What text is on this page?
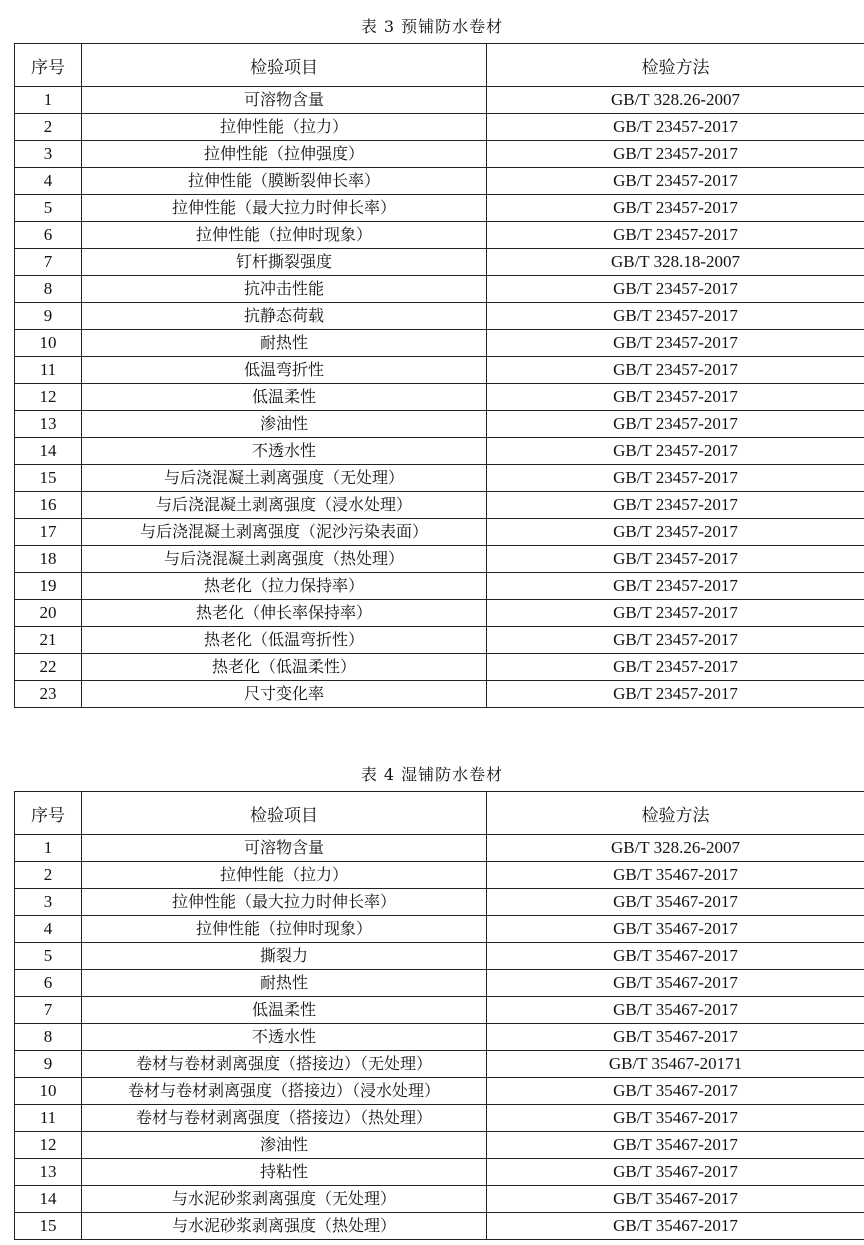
表 3 预铺防水卷材
序号	检验项目	检验方法
1	可溶物含量	GB/T 328.26-2007
2	拉伸性能（拉力）	GB/T 23457-2017
3	拉伸性能（拉伸强度）	GB/T 23457-2017
4	拉伸性能（膜断裂伸长率）	GB/T 23457-2017
5	拉伸性能（最大拉力时伸长率）	GB/T 23457-2017
6	拉伸性能（拉伸时现象）	GB/T 23457-2017
7	钉杆撕裂强度	GB/T 328.18-2007
8	抗冲击性能	GB/T 23457-2017
9	抗静态荷载	GB/T 23457-2017
10	耐热性	GB/T 23457-2017
11	低温弯折性	GB/T 23457-2017
12	低温柔性	GB/T 23457-2017
13	渗油性	GB/T 23457-2017
14	不透水性	GB/T 23457-2017
15	与后浇混凝土剥离强度（无处理）	GB/T 23457-2017
16	与后浇混凝土剥离强度（浸水处理）	GB/T 23457-2017
17	与后浇混凝土剥离强度（泥沙污染表面）	GB/T 23457-2017
18	与后浇混凝土剥离强度（热处理）	GB/T 23457-2017
19	热老化（拉力保持率）	GB/T 23457-2017
20	热老化（伸长率保持率）	GB/T 23457-2017
21	热老化（低温弯折性）	GB/T 23457-2017
22	热老化（低温柔性）	GB/T 23457-2017
23	尺寸变化率	GB/T 23457-2017
表 4 湿铺防水卷材
序号	检验项目	检验方法
1	可溶物含量	GB/T 328.26-2007
2	拉伸性能（拉力）	GB/T 35467-2017
3	拉伸性能（最大拉力时伸长率）	GB/T 35467-2017
4	拉伸性能（拉伸时现象）	GB/T 35467-2017
5	撕裂力	GB/T 35467-2017
6	耐热性	GB/T 35467-2017
7	低温柔性	GB/T 35467-2017
8	不透水性	GB/T 35467-2017
9	卷材与卷材剥离强度（搭接边）（无处理）	GB/T 35467-20171
10	卷材与卷材剥离强度（搭接边）（浸水处理）	GB/T 35467-2017
11	卷材与卷材剥离强度（搭接边）（热处理）	GB/T 35467-2017
12	渗油性	GB/T 35467-2017
13	持粘性	GB/T 35467-2017
14	与水泥砂浆剥离强度（无处理）	GB/T 35467-2017
15	与水泥砂浆剥离强度（热处理）	GB/T 35467-2017
